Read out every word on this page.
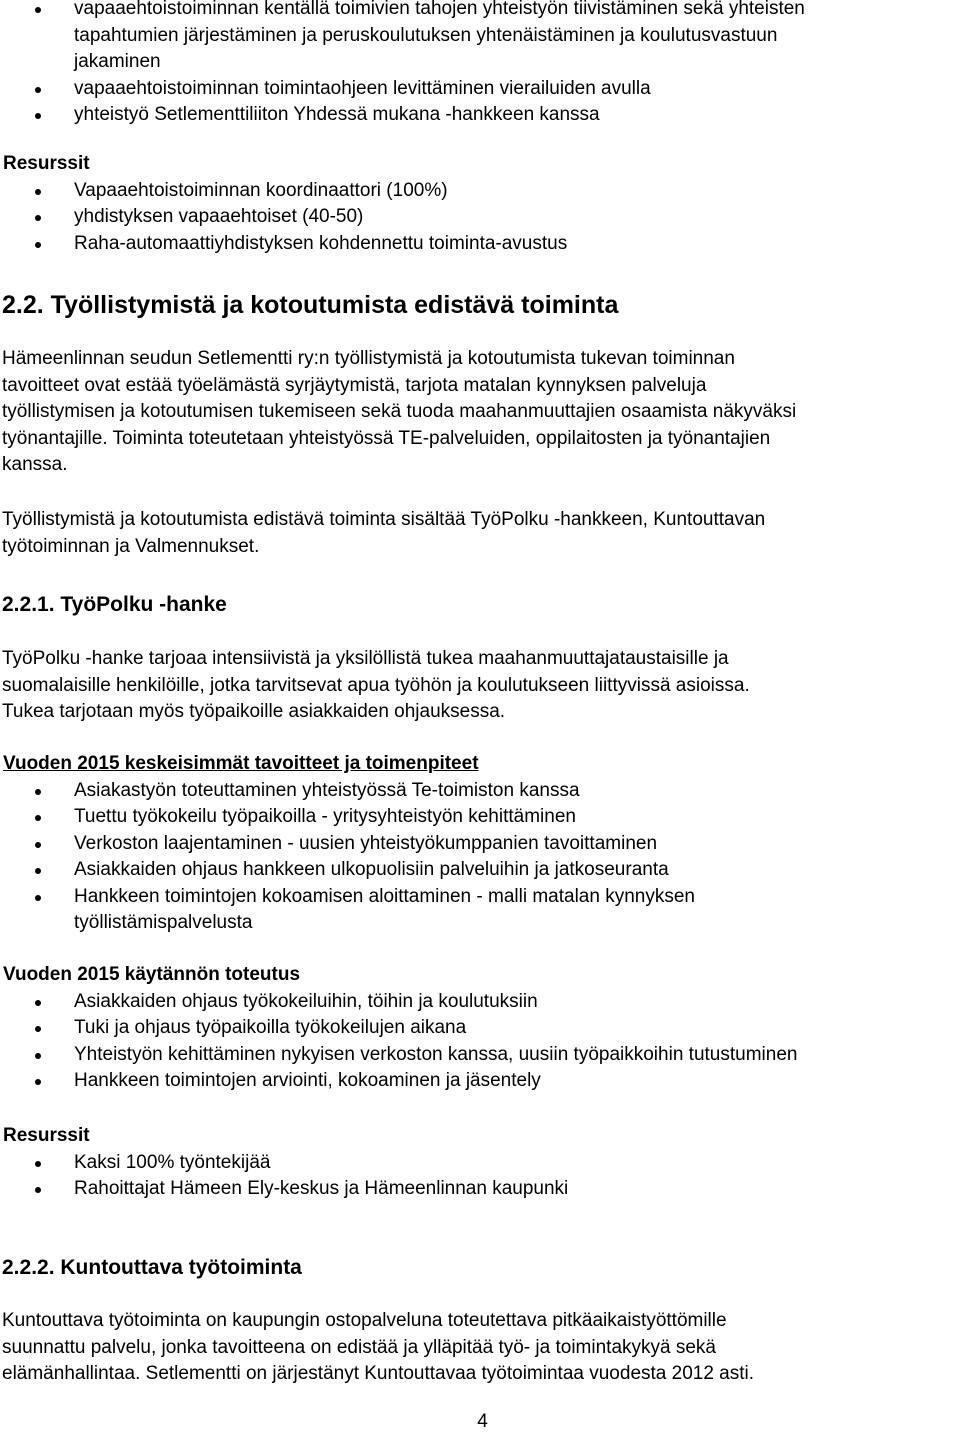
vapaaehtoistoiminnan kentällä toimivien tahojen yhteistyön tiivistäminen sekä yhteisten
tapahtumien järjestäminen ja peruskoulutuksen yhtenäistäminen ja koulutusvastuun
jakaminen
vapaaehtoistoiminnan toimintaohjeen levittäminen vierailuiden avulla
yhteistyö Setlementtiliiton Yhdessä mukana -hankkeen kanssa
Resurssit
Vapaaehtoistoiminnan koordinaattori (100%)
yhdistyksen vapaaehtoiset (40-50)
Raha-automaattiyhdistyksen kohdennettu toiminta-avustus
2.2. Työllistymistä ja kotoutumista edistävä toiminta
Hämeenlinnan seudun Setlementti ry:n työllistymistä ja kotoutumista tukevan toiminnan
tavoitteet ovat estää työelämästä syrjäytymistä, tarjota matalan kynnyksen palveluja
työllistymisen ja kotoutumisen tukemiseen sekä tuoda maahanmuuttajien osaamista näkyväksi
työnantajille. Toiminta toteutetaan yhteistyössä TE-palveluiden, oppilaitosten ja työnantajien
kanssa.
Työllistymistä ja kotoutumista edistävä toiminta sisältää TyöPolku -hankkeen, Kuntouttavan
työtoiminnan ja Valmennukset.
2.2.1. TyöPolku -hanke
TyöPolku -hanke tarjoaa intensiivistä ja yksilöllistä tukea maahanmuuttajataustaisille ja
suomalaisille henkilöille, jotka tarvitsevat apua työhön ja koulutukseen liittyvissä asioissa.
Tukea tarjotaan myös työpaikoille asiakkaiden ohjauksessa.
Vuoden 2015 keskeisimmät tavoitteet ja toimenpiteet
Asiakastyön toteuttaminen yhteistyössä Te-toimiston kanssa
Tuettu työkokeilu työpaikoilla - yritysyhteistyön kehittäminen
Verkoston laajentaminen - uusien yhteistyökumppanien tavoittaminen
Asiakkaiden ohjaus hankkeen ulkopuolisiin palveluihin ja jatkoseuranta
Hankkeen toimintojen kokoamisen aloittaminen - malli matalan kynnyksen
työllistämispalvelusta
Vuoden 2015 käytännön toteutus
Asiakkaiden ohjaus työkokeiluihin, töihin ja koulutuksiin
Tuki ja ohjaus työpaikoilla työkokeilujen aikana
Yhteistyön kehittäminen nykyisen verkoston kanssa, uusiin työpaikkoihin tutustuminen
Hankkeen toimintojen arviointi, kokoaminen ja jäsentely
Resurssit
Kaksi 100% työntekijää
Rahoittajat Hämeen Ely-keskus ja Hämeenlinnan kaupunki
2.2.2. Kuntouttava työtoiminta
Kuntouttava työtoiminta on kaupungin ostopalveluna toteutettava pitkäaikaistyöttömille
suunnattu palvelu, jonka tavoitteena on edistää ja ylläpitää työ- ja toimintakykyä sekä
elämänhallintaa. Setlementti on järjestänyt Kuntouttavaa työtoimintaa vuodesta 2012 asti.
4
